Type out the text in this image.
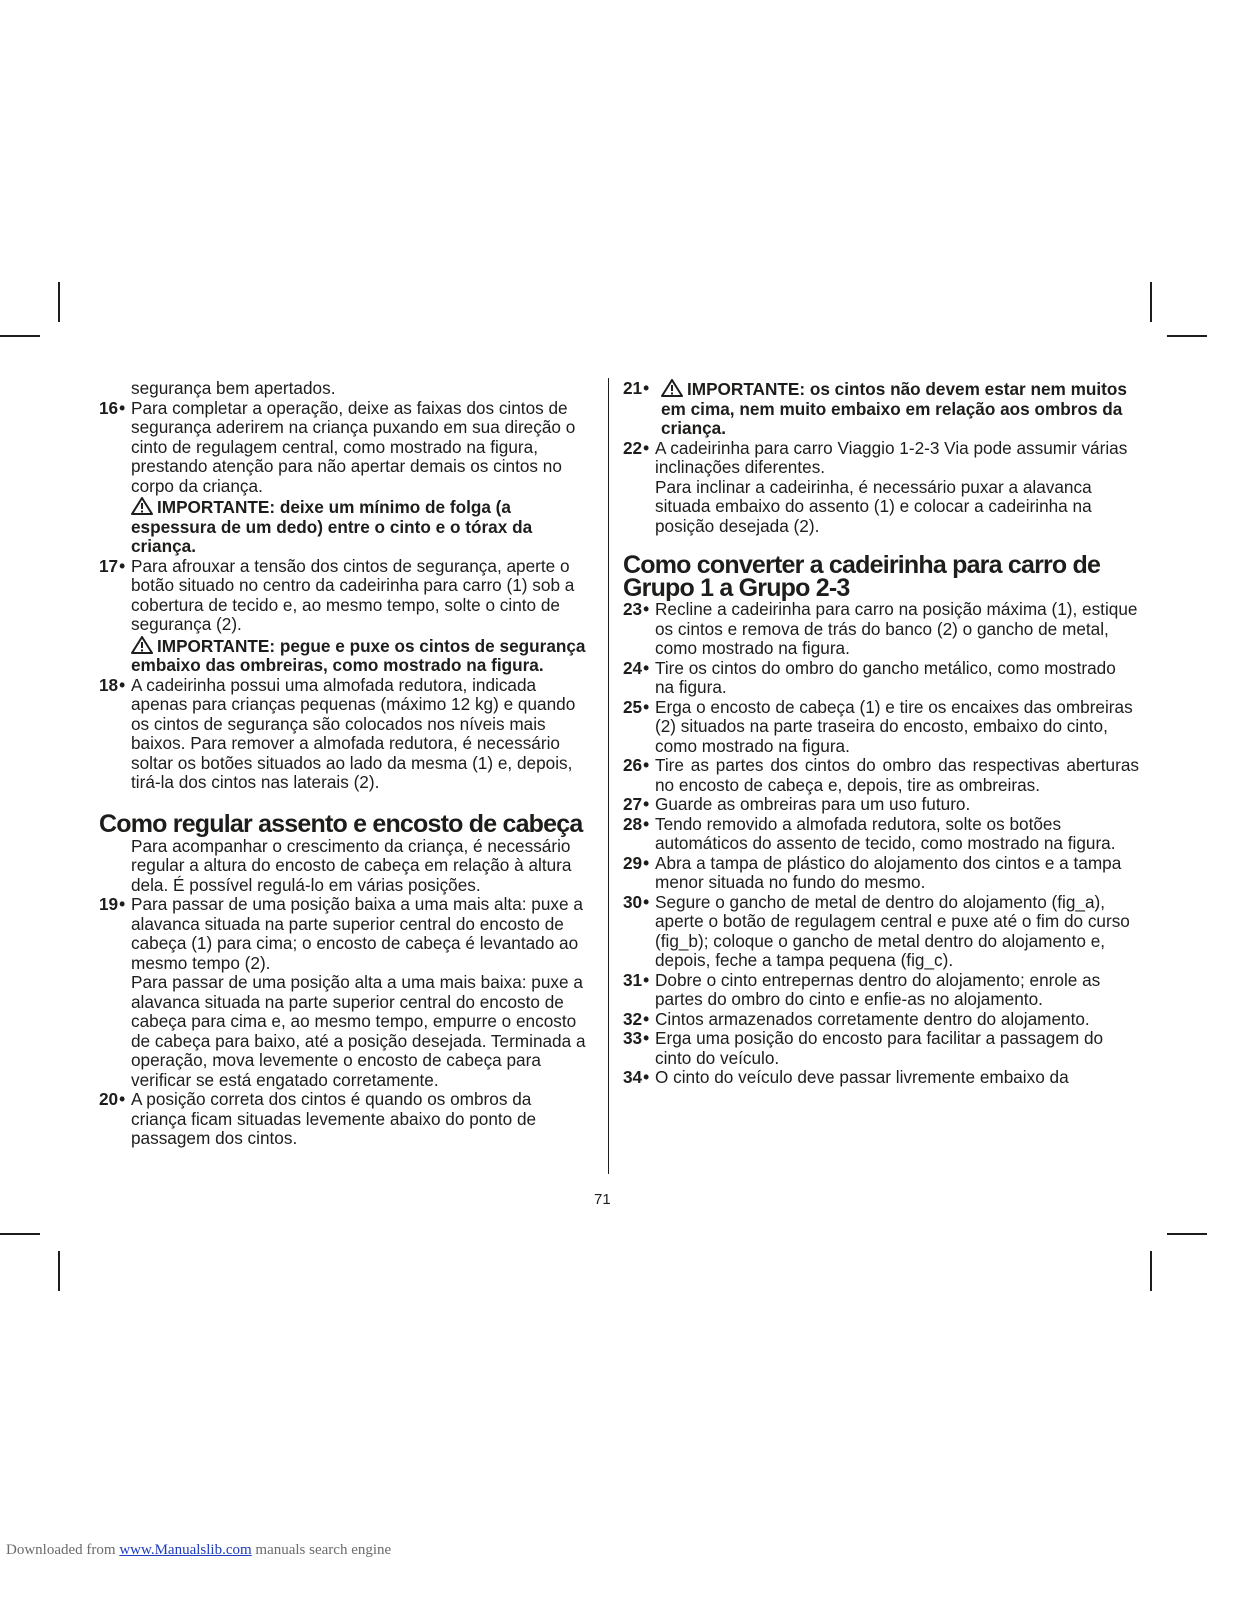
segurança bem apertados.
16 • Para completar a operação, deixe as faixas dos cintos de segurança aderirem na criança puxando em sua direção o cinto de regulagem central, como mostrado na figura, prestando atenção para não apertar demais os cintos no corpo da criança.
IMPORTANTE: deixe um mínimo de folga (a espessura de um dedo) entre o cinto e o tórax da criança.
17 • Para afrouxar a tensão dos cintos de segurança, aperte o botão situado no centro da cadeirinha para carro (1) sob a cobertura de tecido e, ao mesmo tempo, solte o cinto de segurança (2).
IMPORTANTE: pegue e puxe os cintos de segurança embaixo das ombreiras, como mostrado na figura.
18 • A cadeirinha possui uma almofada redutora, indicada apenas para crianças pequenas (máximo 12 kg) e quando os cintos de segurança são colocados nos níveis mais baixos. Para remover a almofada redutora, é necessário soltar os botões situados ao lado da mesma (1) e, depois, tirá-la dos cintos nas laterais (2).
Como regular assento e encosto de cabeça
Para acompanhar o crescimento da criança, é necessário regular a altura do encosto de cabeça em relação à altura dela. É possível regulá-lo em várias posições.
19 • Para passar de uma posição baixa a uma mais alta: puxe a alavanca situada na parte superior central do encosto de cabeça (1) para cima; o encosto de cabeça é levantado ao mesmo tempo (2).
Para passar de uma posição alta a uma mais baixa: puxe a alavanca situada na parte superior central do encosto de cabeça para cima e, ao mesmo tempo, empurre o encosto de cabeça para baixo, até a posição desejada. Terminada a operação, mova levemente o encosto de cabeça para verificar se está engatado corretamente.
20 • A posição correta dos cintos é quando os ombros da criança ficam situadas levemente abaixo do ponto de passagem dos cintos.
21 •	IMPORTANTE: os cintos não devem estar nem muitos em cima, nem muito embaixo em relação aos ombros da criança.
22 • A cadeirinha para carro Viaggio 1-2-3 Via pode assumir várias inclinações diferentes.
Para inclinar a cadeirinha, é necessário puxar a alavanca situada embaixo do assento (1) e colocar a cadeirinha na posição desejada (2).
Como converter a cadeirinha para carro de Grupo 1 a Grupo 2-3
23 • Recline a cadeirinha para carro na posição máxima (1), estique os cintos e remova de trás do banco (2) o gancho de metal, como mostrado na figura.
24 • Tire os cintos do ombro do gancho metálico, como mostrado na figura.
25 • Erga o encosto de cabeça (1) e tire os encaixes das ombreiras (2) situados na parte traseira do encosto, embaixo do cinto, como mostrado na figura.
26 • Tire as partes dos cintos do ombro das respectivas aberturas no encosto de cabeça e, depois, tire as ombreiras.
27 • Guarde as ombreiras para um uso futuro.
28 • Tendo removido a almofada redutora, solte os botões automáticos do assento de tecido, como mostrado na figura.
29 • Abra a tampa de plástico do alojamento dos cintos e a tampa menor situada no fundo do mesmo.
30 • Segure o gancho de metal de dentro do alojamento (fig_a), aperte o botão de regulagem central e puxe até o fim do curso (fig_b); coloque o gancho de metal dentro do alojamento e, depois, feche a tampa pequena (fig_c).
31 • Dobre o cinto entrepernas dentro do alojamento; enrole as partes do ombro do cinto e enfie-as no alojamento.
32 • Cintos armazenados corretamente dentro do alojamento.
33 • Erga uma posição do encosto para facilitar a passagem do cinto do veículo.
34 • O cinto do veículo deve passar livremente embaixo da
71
Downloaded from www.Manualslib.com manuals search engine
